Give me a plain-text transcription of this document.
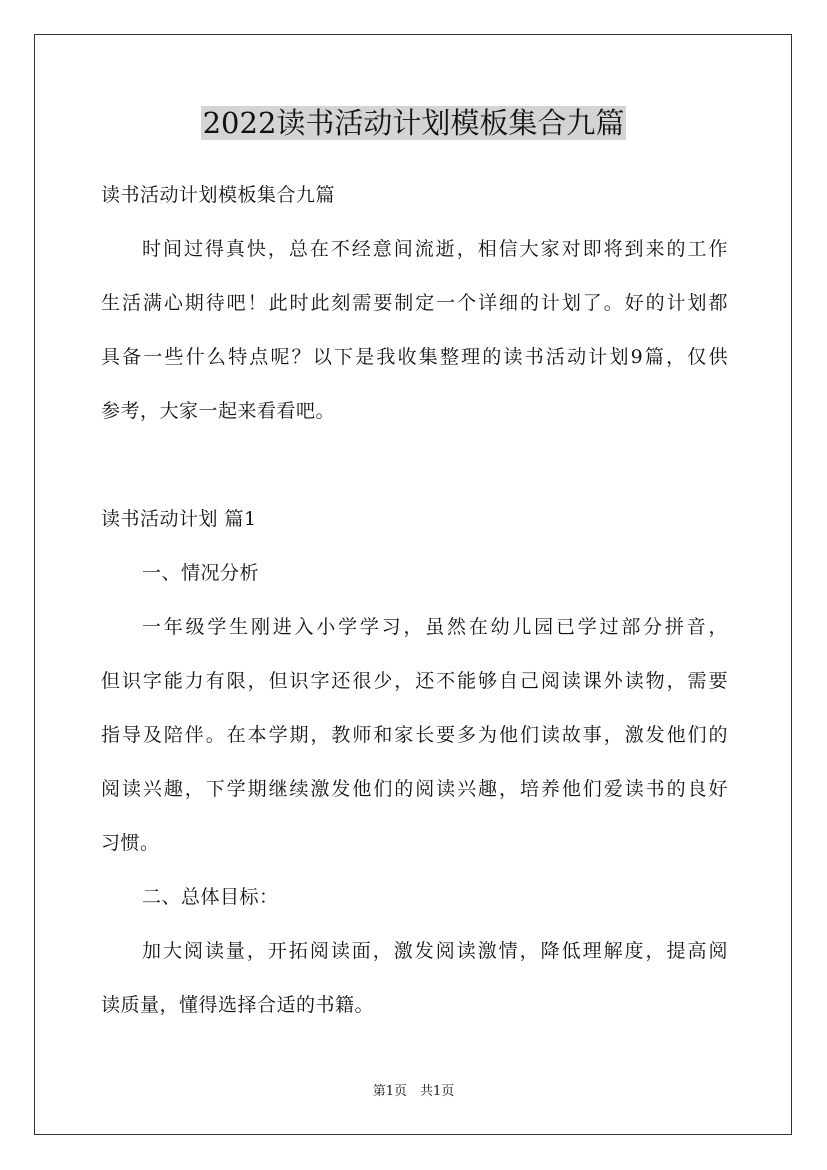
2022读书活动计划模板集合九篇
读书活动计划模板集合九篇
时间过得真快，总在不经意间流逝，相信大家对即将到来的工作
生活满心期待吧！此时此刻需要制定一个详细的计划了。好的计划都
具备一些什么特点呢？以下是我收集整理的读书活动计划9篇，仅供
参考，大家一起来看看吧。
读书活动计划 篇1
一、情况分析
一年级学生刚进入小学学习，虽然在幼儿园已学过部分拼音，
但识字能力有限，但识字还很少，还不能够自己阅读课外读物，需要
指导及陪伴。在本学期，教师和家长要多为他们读故事，激发他们的
阅读兴趣，下学期继续激发他们的阅读兴趣，培养他们爱读书的良好
习惯。
二、总体目标：
加大阅读量，开拓阅读面，激发阅读激情，降低理解度，提高阅
读质量，懂得选择合适的书籍。
第1页　共1页
